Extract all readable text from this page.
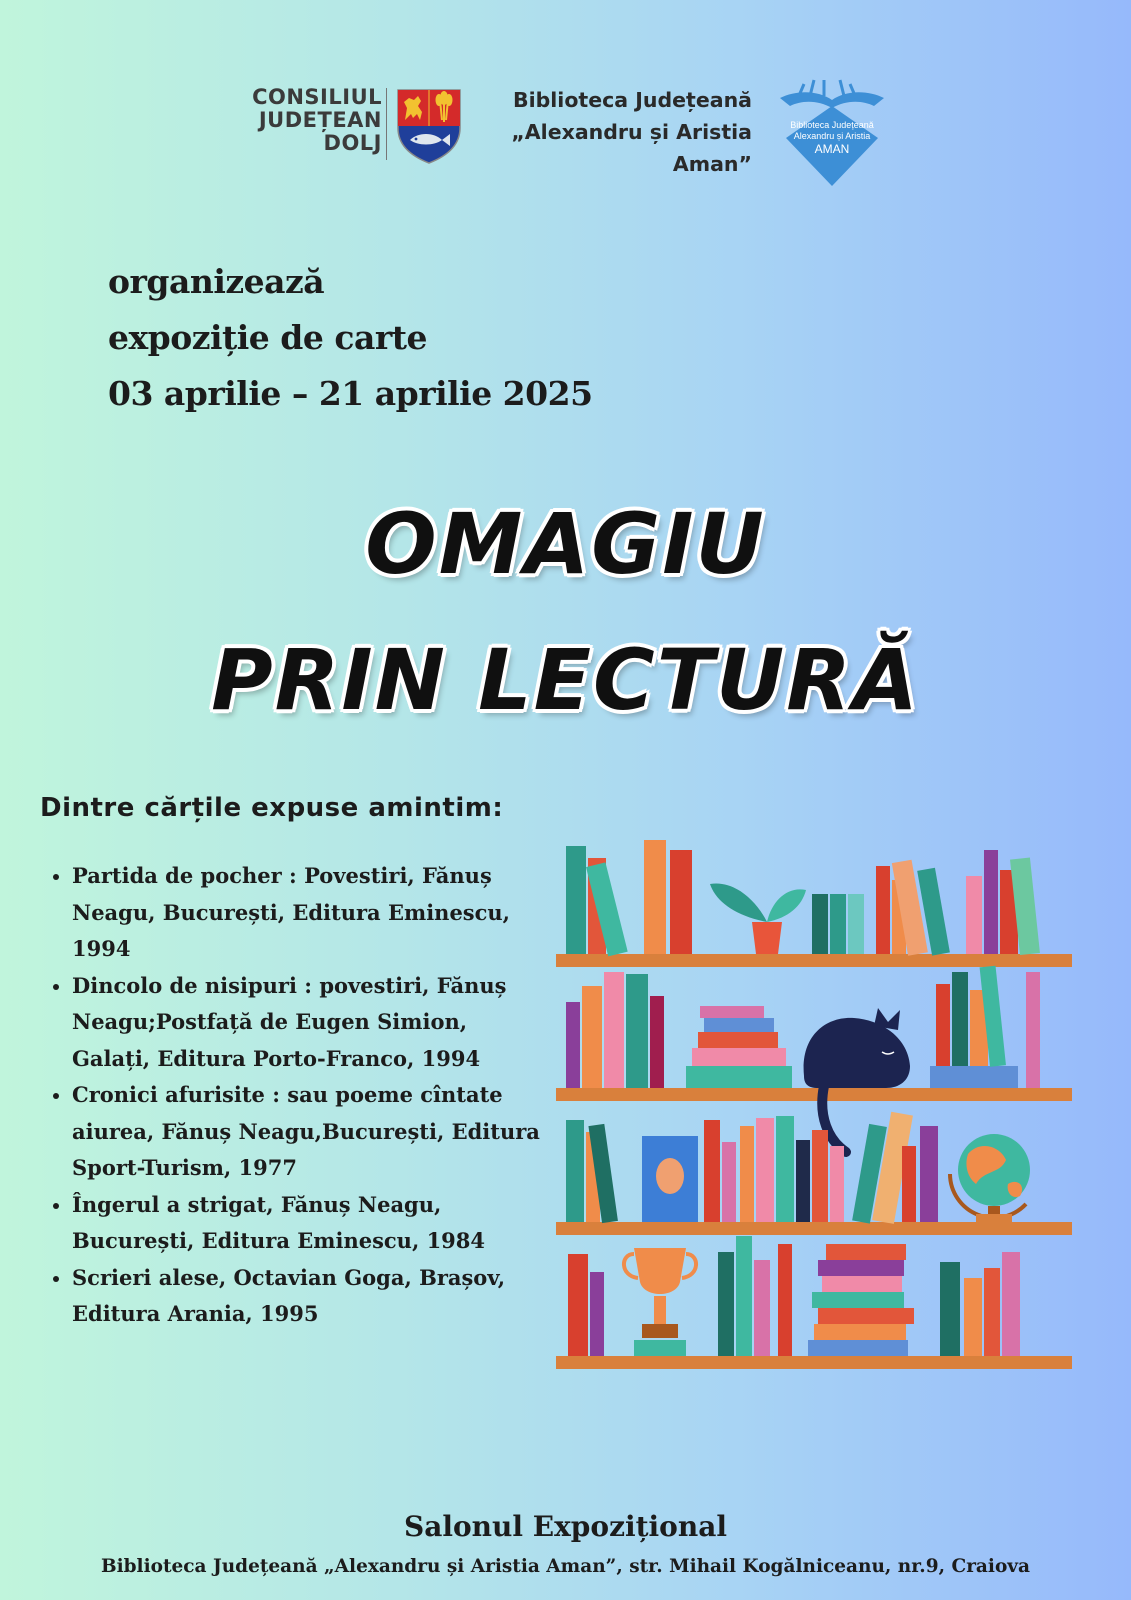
CONSILIUL
JUDEȚEAN
DOLJ
Biblioteca Județeană
„Alexandru și Aristia
Aman”
Biblioteca Județeană
Alexandru și Aristia
AMAN
organizează
expoziție de carte
03 aprilie – 21 aprilie 2025
OMAGIU
PRIN LECTURĂ
Dintre cărțile expuse amintim:
• Partida de pocher : Povestiri, Fănuș Neagu, București, Editura Eminescu, 1994
• Dincolo de nisipuri : povestiri, Fănuș Neagu;Postfață de Eugen Simion, Galați, Editura Porto-Franco, 1994
• Cronici afurisite : sau poeme cîntate aiurea, Fănuș Neagu,București, Editura Sport-Turism, 1977
• Îngerul a strigat, Fănuș Neagu, București, Editura Eminescu, 1984
• Scrieri alese, Octavian Goga, Brașov, Editura Arania, 1995
Salonul Expozițional
Biblioteca Județeană „Alexandru și Aristia Aman”, str. Mihail Kogălniceanu, nr.9, Craiova
